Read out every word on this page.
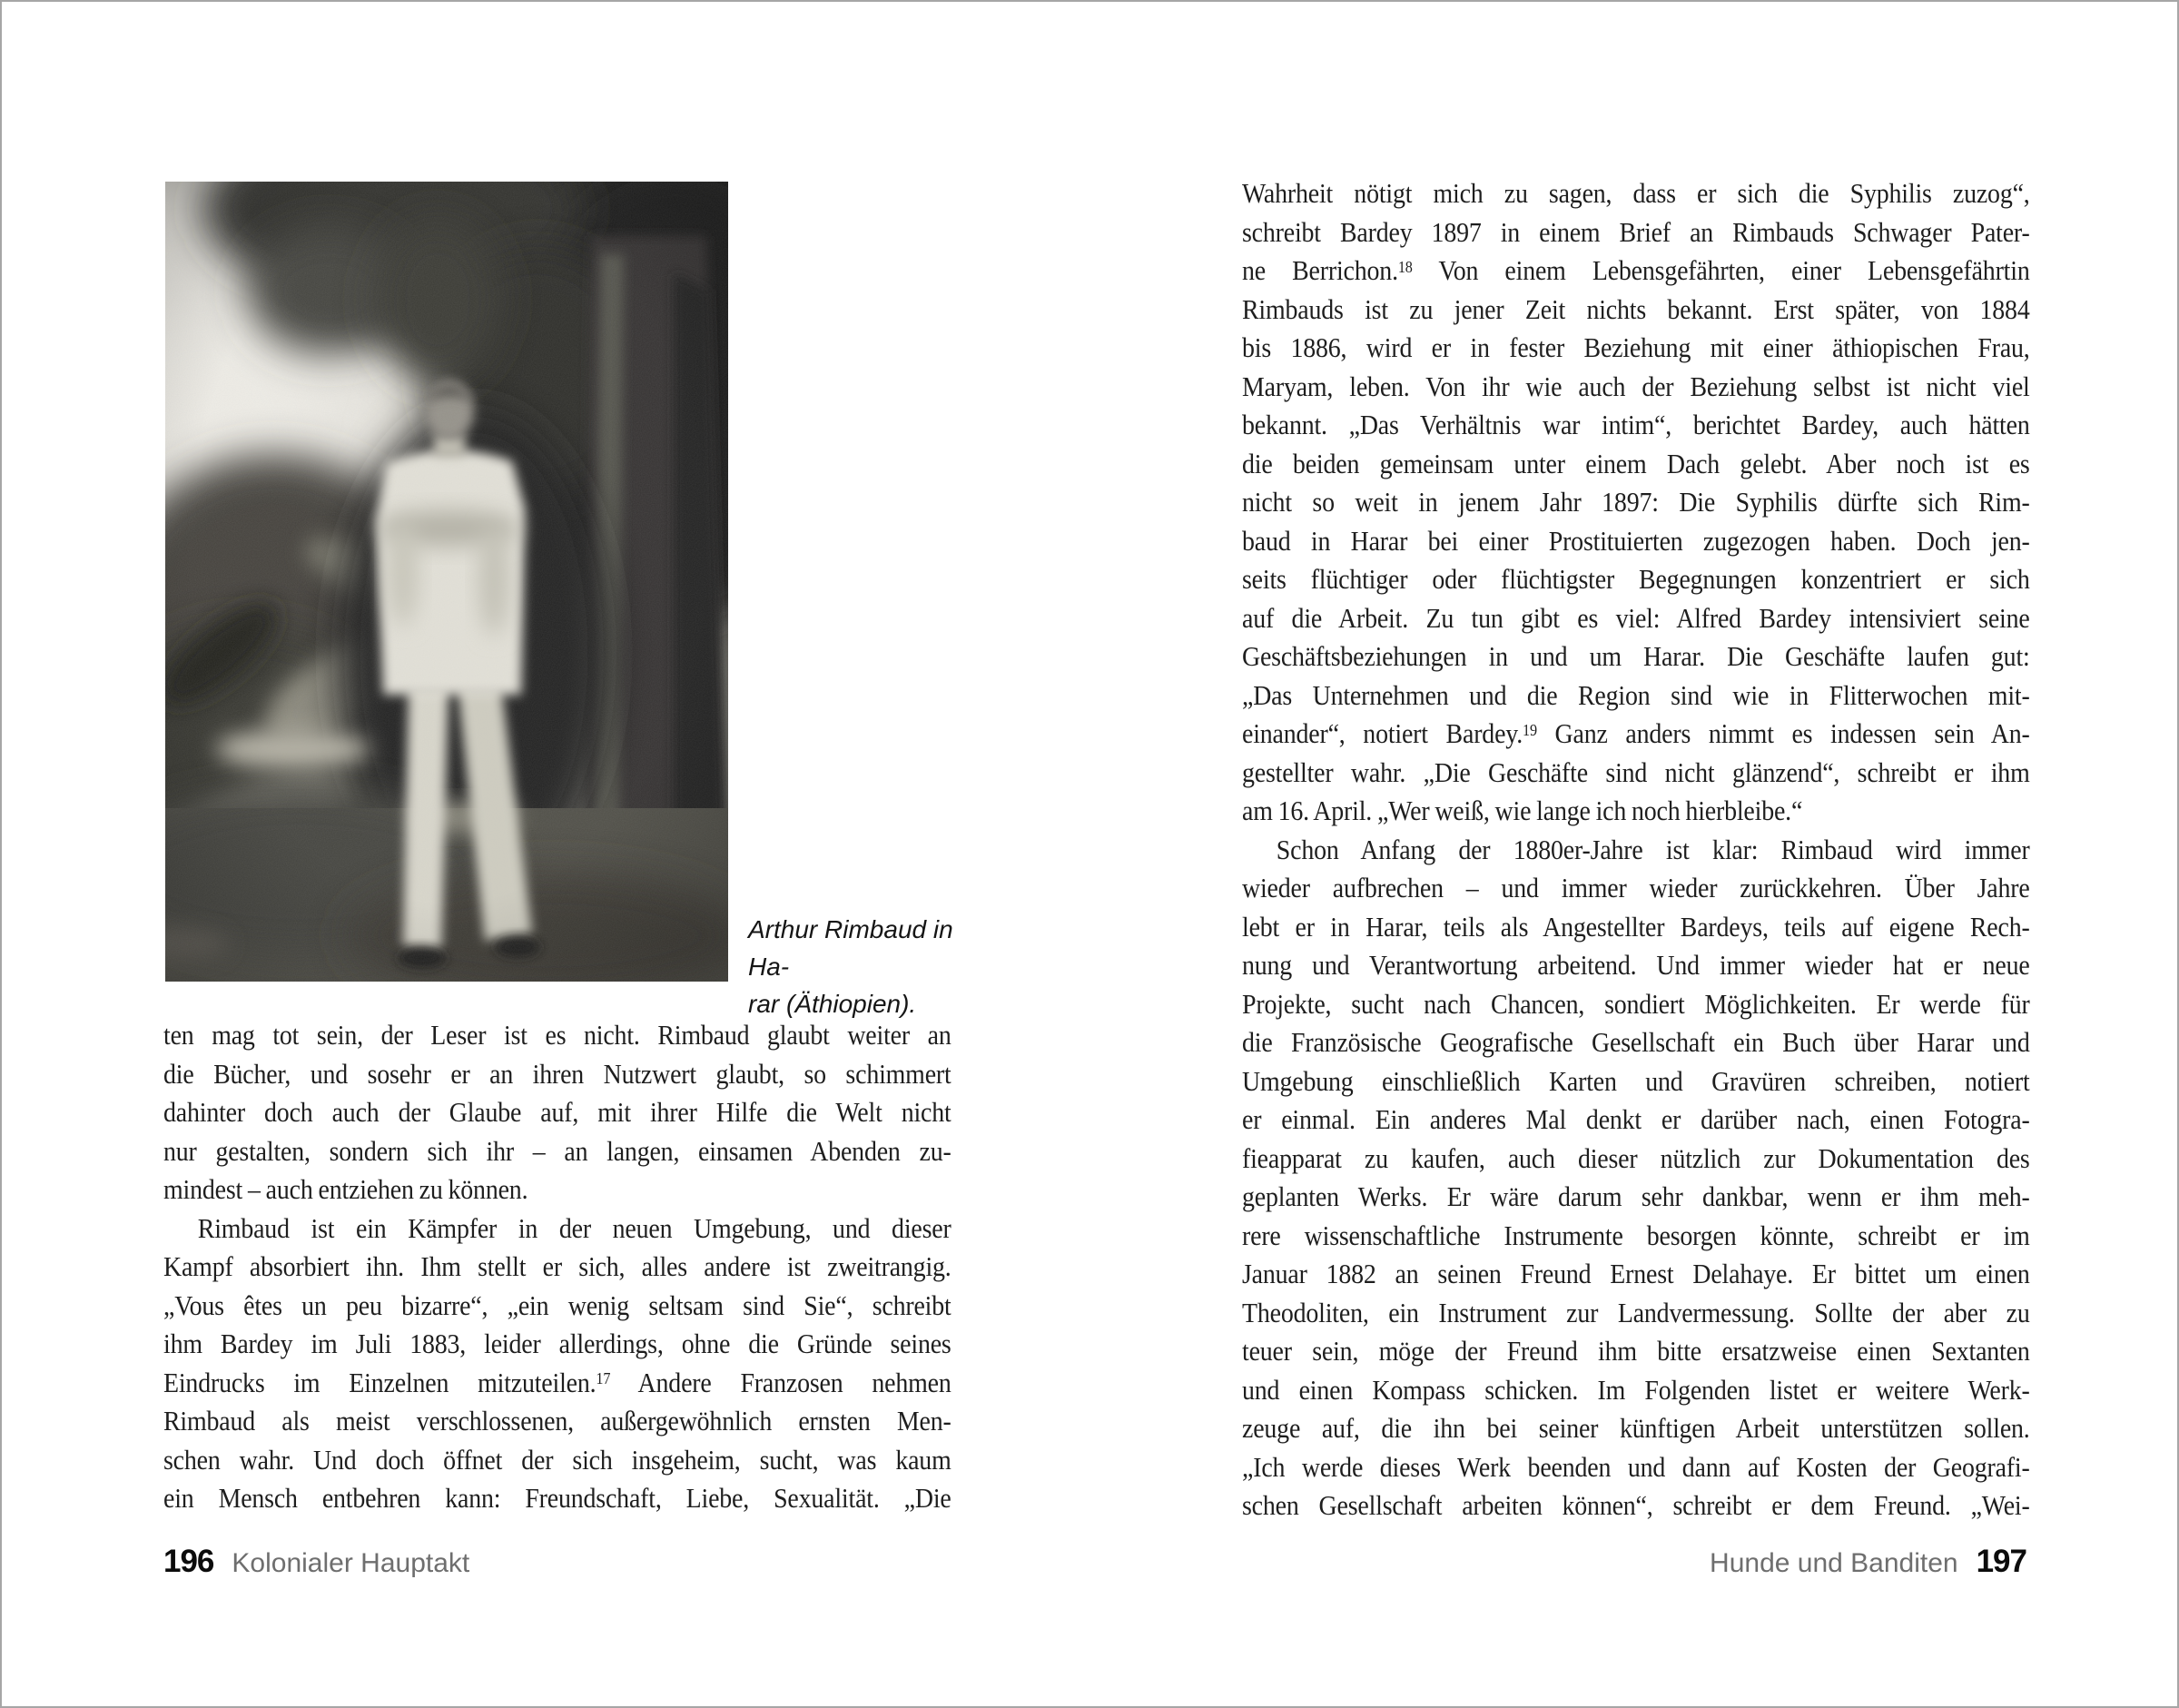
Arthur Rimbaud in Ha-
rar (Äthiopien).
ten mag tot sein, der Leser ist es nicht. Rimbaud glaubt weiter an
die Bücher, und sosehr er an ihren Nutzwert glaubt, so schimmert
dahinter doch auch der Glaube auf, mit ihrer Hilfe die Welt nicht
nur gestalten, sondern sich ihr – an langen, einsamen Abenden zu-
mindest – auch entziehen zu können.
Rimbaud ist ein Kämpfer in der neuen Umgebung, und dieser
Kampf absorbiert ihn. Ihm stellt er sich, alles andere ist zweitrangig.
„Vous êtes un peu bizarre“, „ein wenig seltsam sind Sie“, schreibt
ihm Bardey im Juli 1883, leider allerdings, ohne die Gründe seines
Eindrucks im Einzelnen mitzuteilen.$^{17}$ Andere Franzosen nehmen
Rimbaud als meist verschlossenen, außergewöhnlich ernsten Men-
schen wahr. Und doch öffnet der sich insgeheim, sucht, was kaum
ein Mensch entbehren kann: Freundschaft, Liebe, Sexualität. „Die
Wahrheit nötigt mich zu sagen, dass er sich die Syphilis zuzog“,
schreibt Bardey 1897 in einem Brief an Rimbauds Schwager Pater-
ne Berrichon.$^{18}$ Von einem Lebensgefährten, einer Lebensgefährtin
Rimbauds ist zu jener Zeit nichts bekannt. Erst später, von 1884
bis 1886, wird er in fester Beziehung mit einer äthiopischen Frau,
Maryam, leben. Von ihr wie auch der Beziehung selbst ist nicht viel
bekannt. „Das Verhältnis war intim“, berichtet Bardey, auch hätten
die beiden gemeinsam unter einem Dach gelebt. Aber noch ist es
nicht so weit in jenem Jahr 1897: Die Syphilis dürfte sich Rim-
baud in Harar bei einer Prostituierten zugezogen haben. Doch jen-
seits flüchtiger oder flüchtigster Begegnungen konzentriert er sich
auf die Arbeit. Zu tun gibt es viel: Alfred Bardey intensiviert seine
Geschäftsbeziehungen in und um Harar. Die Geschäfte laufen gut:
„Das Unternehmen und die Region sind wie in Flitterwochen mit-
einander“, notiert Bardey.$^{19}$ Ganz anders nimmt es indessen sein An-
gestellter wahr. „Die Geschäfte sind nicht glänzend“, schreibt er ihm
am 16. April. „Wer weiß, wie lange ich noch hierbleibe.“
Schon Anfang der 1880er-Jahre ist klar: Rimbaud wird immer
wieder aufbrechen – und immer wieder zurückkehren. Über Jahre
lebt er in Harar, teils als Angestellter Bardeys, teils auf eigene Rech-
nung und Verantwortung arbeitend. Und immer wieder hat er neue
Projekte, sucht nach Chancen, sondiert Möglichkeiten. Er werde für
die Französische Geografische Gesellschaft ein Buch über Harar und
Umgebung einschließlich Karten und Gravüren schreiben, notiert
er einmal. Ein anderes Mal denkt er darüber nach, einen Fotogra-
fieapparat zu kaufen, auch dieser nützlich zur Dokumentation des
geplanten Werks. Er wäre darum sehr dankbar, wenn er ihm meh-
rere wissenschaftliche Instrumente besorgen könnte, schreibt er im
Januar 1882 an seinen Freund Ernest Delahaye. Er bittet um einen
Theodoliten, ein Instrument zur Landvermessung. Sollte der aber zu
teuer sein, möge der Freund ihm bitte ersatzweise einen Sextanten
und einen Kompass schicken. Im Folgenden listet er weitere Werk-
zeuge auf, die ihn bei seiner künftigen Arbeit unterstützen sollen.
„Ich werde dieses Werk beenden und dann auf Kosten der Geografi-
schen Gesellschaft arbeiten können“, schreibt er dem Freund. „Wei-
196 Kolonialer Hauptakt	Hunde und Banditen 197
